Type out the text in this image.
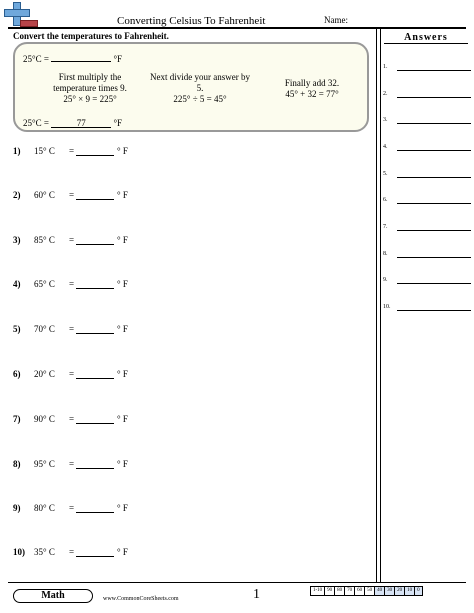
Converting Celsius To Fahrenheit	Name:
Convert the temperatures to Fahrenheit.
25°C =	°F
First multiply the
temperature times 9.
25° × 9 = 225°
Next divide your answer by
5.
225° ÷ 5 = 45°
Finally add 32.
45° + 32 = 77°
25°C =	77	°F
1) 15° C =	° F
2) 60° C =	° F
3) 85° C =	° F
4) 65° C =	° F
5) 70° C =	° F
6) 20° C =	° F
7) 90° C =	° F
8) 95° C =	° F
9) 80° C =	° F
10) 35° C =	° F
Answers
1.
2.
3.
4.
5.
6.
7.
8.
9.
10.
Math	www.CommonCoreSheets.com	1	1-10	90	80	70	60	50	40	30	20	10	0
